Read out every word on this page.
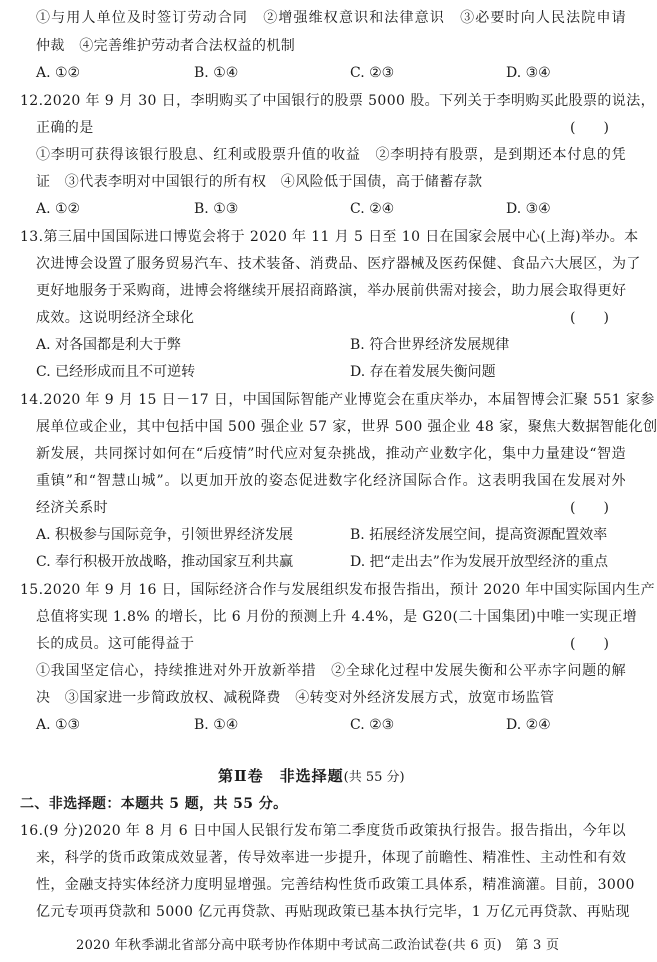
①与用人单位及时签订劳动合同　②增强维权意识和法律意识　③必要时向人民法院申请
仲裁　④完善维护劳动者合法权益的机制
A. ①②	B. ①④	C. ②③	D. ③④
12.2020 年 9 月 30 日，李明购买了中国银行的股票 5000 股。下列关于李明购买此股票的说法，
正确的是	(　　)
①李明可获得该银行股息、红利或股票升值的收益　②李明持有股票，是到期还本付息的凭
证　③代表李明对中国银行的所有权　④风险低于国债，高于储蓄存款
A. ①②	B. ①③	C. ②④	D. ③④
13.第三届中国国际进口博览会将于 2020 年 11 月 5 日至 10 日在国家会展中心(上海)举办。本
次进博会设置了服务贸易汽车、技术装备、消费品、医疗器械及医药保健、食品六大展区，为了
更好地服务于采购商，进博会将继续开展招商路演，举办展前供需对接会，助力展会取得更好
成效。这说明经济全球化	(　　)
A. 对各国都是利大于弊	B. 符合世界经济发展规律
C. 已经形成而且不可逆转	D. 存在着发展失衡问题
14.2020 年 9 月 15 日－17 日，中国国际智能产业博览会在重庆举办，本届智博会汇聚 551 家参
展单位或企业，其中包括中国 500 强企业 57 家，世界 500 强企业 48 家，聚焦大数据智能化创
新发展，共同探讨如何在“后疫情”时代应对复杂挑战，推动产业数字化，集中力量建设“智造
重镇”和“智慧山城”。以更加开放的姿态促进数字化经济国际合作。这表明我国在发展对外
经济关系时	(　　)
A. 积极参与国际竞争，引领世界经济发展	B. 拓展经济发展空间，提高资源配置效率
C. 奉行积极开放战略，推动国家互利共赢	D. 把“走出去”作为发展开放型经济的重点
15.2020 年 9 月 16 日，国际经济合作与发展组织发布报告指出，预计 2020 年中国实际国内生产
总值将实现 1.8% 的增长，比 6 月份的预测上升 4.4%，是 G20(二十国集团)中唯一实现正增
长的成员。这可能得益于	(　　)
①我国坚定信心，持续推进对外开放新举措　②全球化过程中发展失衡和公平赤字问题的解
决　③国家进一步简政放权、减税降费　④转变对外经济发展方式，放宽市场监管
A. ①③	B. ①④	C. ②③	D. ②④
第Ⅱ卷　非选择题(共 55 分)
二、非选择题：本题共 5 题，共 55 分。
16.(9 分)2020 年 8 月 6 日中国人民银行发布第二季度货币政策执行报告。报告指出，今年以
来，科学的货币政策成效显著，传导效率进一步提升，体现了前瞻性、精准性、主动性和有效
性，金融支持实体经济力度明显增强。完善结构性货币政策工具体系，精准滴灌。目前，3000
亿元专项再贷款和 5000 亿元再贷款、再贴现政策已基本执行完毕，1 万亿元再贷款、再贴现
2020 年秋季湖北省部分高中联考协作体期中考试高二政治试卷(共 6 页)　第 3 页
